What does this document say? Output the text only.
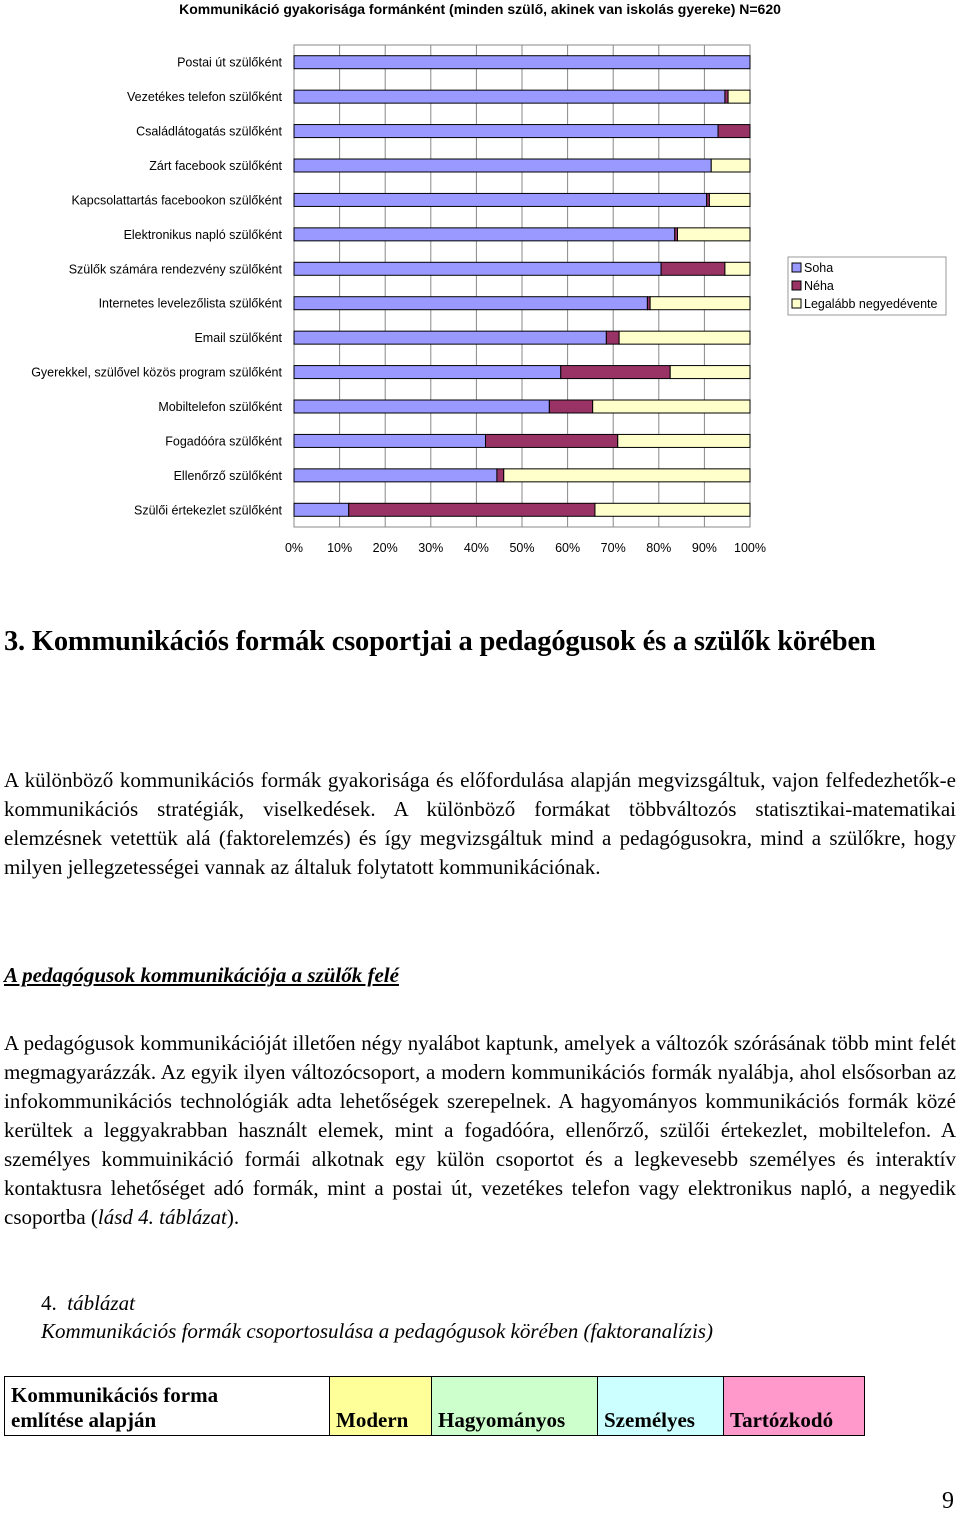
Kommunikáció gyakorisága formánként (minden szülő, akinek van iskolás gyereke) N=620
Postai út szülőként
Vezetékes telefon szülőként
Családlátogatás szülőként
Zárt facebook szülőként
Kapcsolattartás facebookon szülőként
Elektronikus napló szülőként
Szülők számára rendezvény szülőként
Internetes levelezőlista szülőként
Email szülőként
Gyerekkel, szülővel közös program szülőként
Mobiltelefon szülőként
Fogadóóra szülőként
Ellenőrző szülőként
Szülői értekezlet szülőként
0% 10% 20% 30% 40% 50% 60% 70% 80% 90% 100%
Soha
Néha
Legalább negyedévente
3. Kommunikációs formák csoportjai a pedagógusok és a szülők körében

A különböző kommunikációs formák gyakorisága és előfordulása alapján megvizsgáltuk, vajon felfedezhetők-e kommunikációs stratégiák, viselkedések. A különböző formákat többváltozós statisztikai-matematikai elemzésnek vetettük alá (faktorelemzés) és így megvizsgáltuk mind a pedagógusokra, mind a szülőkre, hogy milyen jellegzetességei vannak az általuk folytatott kommunikációnak.

A pedagógusok kommunikációja a szülők felé

A pedagógusok kommunikációját illetően négy nyalábot kaptunk, amelyek a változók szórásának több mint felét megmagyarázzák. Az egyik ilyen változócsoport, a modern kommunikációs formák nyalábja, ahol elsősorban az infokommunikációs technológiák adta lehetőségek szerepelnek. A hagyományos kommunikációs formák közé kerültek a leggyakrabban használt elemek, mint a fogadóóra, ellenőrző, szülői értekezlet, mobiltelefon. A személyes kommuinikáció formái alkotnak egy külön csoportot és a legkevesebb személyes és interaktív kontaktusra lehetőséget adó formák, mint a postai út, vezetékes telefon vagy elektronikus napló, a negyedik csoportba (lásd 4. táblázat).

4. táblázat
Kommunikációs formák csoportosulása a pedagógusok körében (faktoranalízis)
Kommunikációs forma
említése alapján	Modern	Hagyományos	Személyes	Tartózkodó
9
